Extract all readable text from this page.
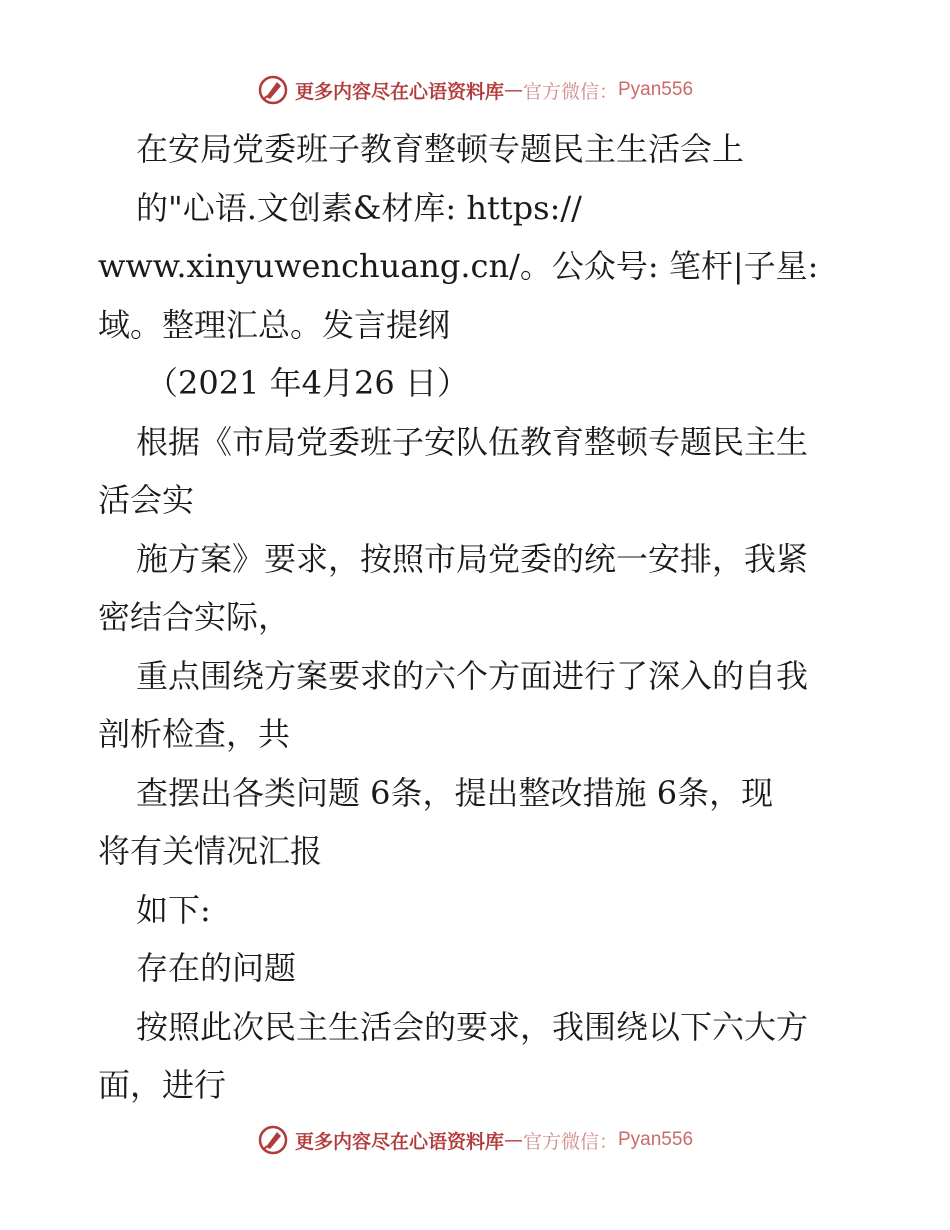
更多内容尽在心语资料库 — 官方微信： Pyan556
在安局党委班子教育整顿专题民主生活会上
的"心语.文创素&材库: https://
www.xinyuwenchuang.cn/。公众号: 笔杆|子星:
域。整理汇总。发言提纲
（2021 年4月26 日）
根据《市局党委班子安队伍教育整顿专题民主生
活会实
施方案》要求，按照市局党委的统一安排，我紧
密结合实际，
重点围绕方案要求的六个方面进行了深入的自我
剖析检查，共
查摆出各类问题 6条，提出整改措施 6条，现
将有关情况汇报
如下:
存在的问题
按照此次民主生活会的要求，我围绕以下六大方
面，进行
更多内容尽在心语资料库 — 官方微信： Pyan556
